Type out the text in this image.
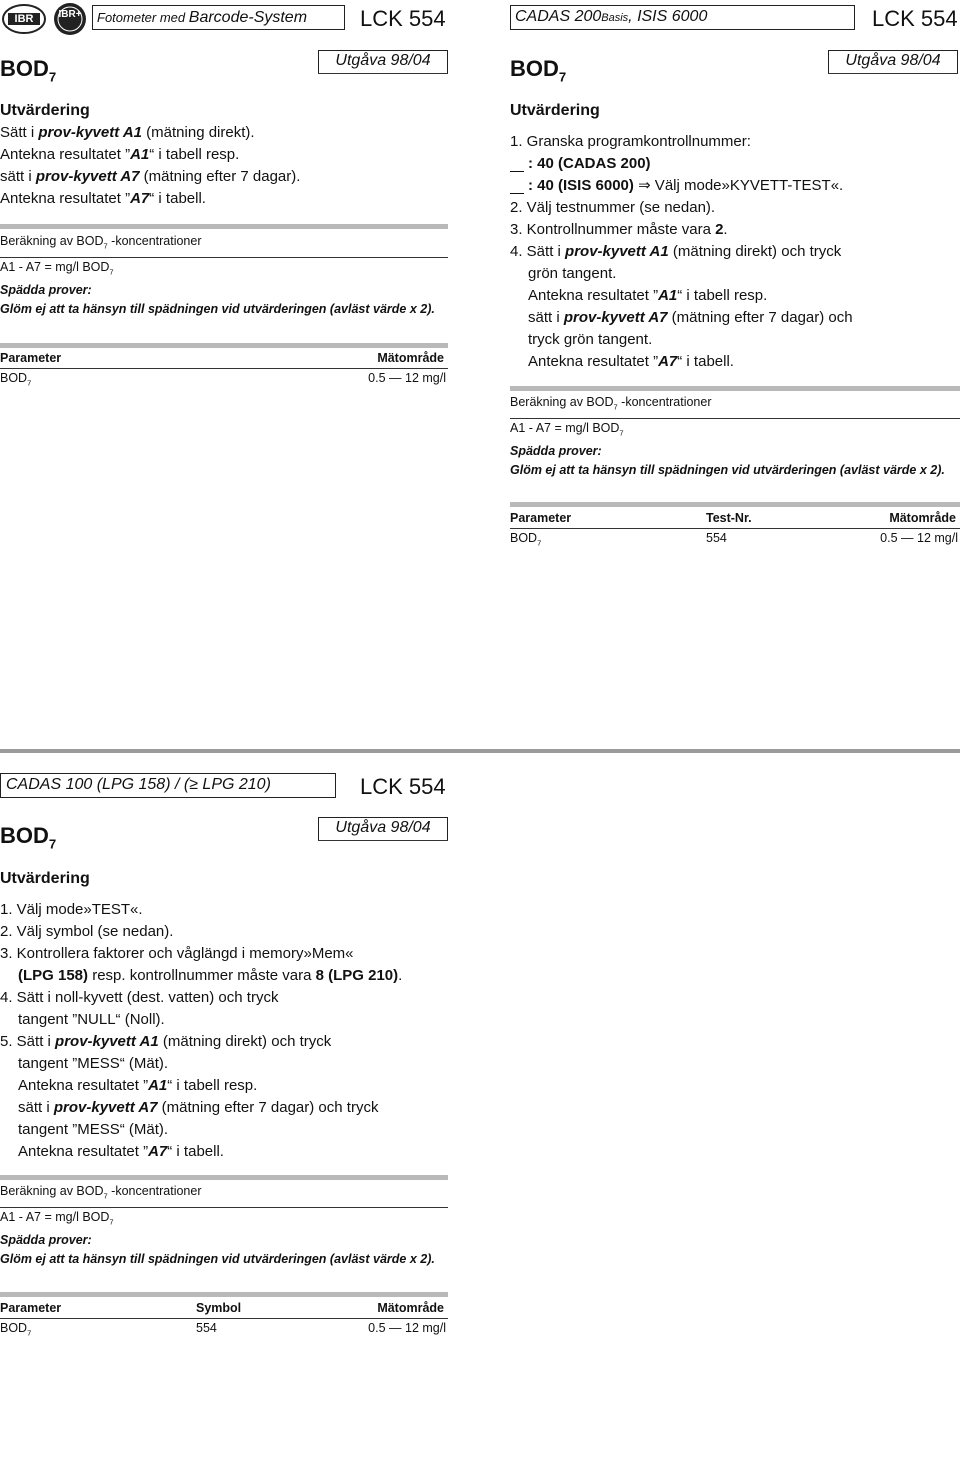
IBR	IBR+	Fotometer med Barcode-System LCK 554
$BOD_7$
Utgåva 98/04
Utvärdering
Sätt i prov-kyvett A1 (mätning direkt).
Antekna resultatet ”A1“ i tabell resp.
sätt i prov-kyvett A7 (mätning efter 7 dagar).
Antekna resultatet ”A7“ i tabell.
Beräkning av $BOD_7$ -koncentrationer
A1 - A7 = mg/l $BOD_7$
Spädda prover:
Glöm ej att ta hänsyn till spädningen vid utvärderingen (avläst värde x 2).
Parameter	Mätområde
$BOD_7$	0.5 — 12 mg/l
CADAS 200Basis, ISIS 6000	LCK 554
$BOD_7$
Utgåva 98/04
Utvärdering
1. Granska programkontrollnummer:
: 40 (CADAS 200)
: 40 (ISIS 6000) ⇒ Välj mode»KYVETT-TEST«.
2. Välj testnummer (se nedan).
3. Kontrollnummer måste vara 2.
4. Sätt i prov-kyvett A1 (mätning direkt) och tryck
grön tangent.
Antekna resultatet ”A1“ i tabell resp.
sätt i prov-kyvett A7 (mätning efter 7 dagar) och
tryck grön tangent.
Antekna resultatet ”A7“ i tabell.
Beräkning av $BOD_7$ -koncentrationer
A1 - A7 = mg/l $BOD_7$
Spädda prover:
Glöm ej att ta hänsyn till spädningen vid utvärderingen (avläst värde x 2).
Parameter	Test-Nr.	Mätområde
$BOD_7$	554	0.5 — 12 mg/l
CADAS 100 (LPG 158) / (≥ LPG 210)	LCK 554
$BOD_7$
Utgåva 98/04
Utvärdering
1. Välj mode»TEST«.
2. Välj symbol (se nedan).
3. Kontrollera faktorer och våglängd i memory»Mem«
(LPG 158) resp. kontrollnummer måste vara 8 (LPG 210).
4. Sätt i noll-kyvett (dest. vatten) och tryck
tangent ”NULL“ (Noll).
5. Sätt i prov-kyvett A1 (mätning direkt) och tryck
tangent ”MESS“ (Mät).
Antekna resultatet ”A1“ i tabell resp.
sätt i prov-kyvett A7 (mätning efter 7 dagar) och tryck
tangent ”MESS“ (Mät).
Antekna resultatet ”A7“ i tabell.
Beräkning av $BOD_7$ -koncentrationer
A1 - A7 = mg/l $BOD_7$
Spädda prover:
Glöm ej att ta hänsyn till spädningen vid utvärderingen (avläst värde x 2).
Parameter	Symbol	Mätområde
$BOD_7$	554	0.5 — 12 mg/l
